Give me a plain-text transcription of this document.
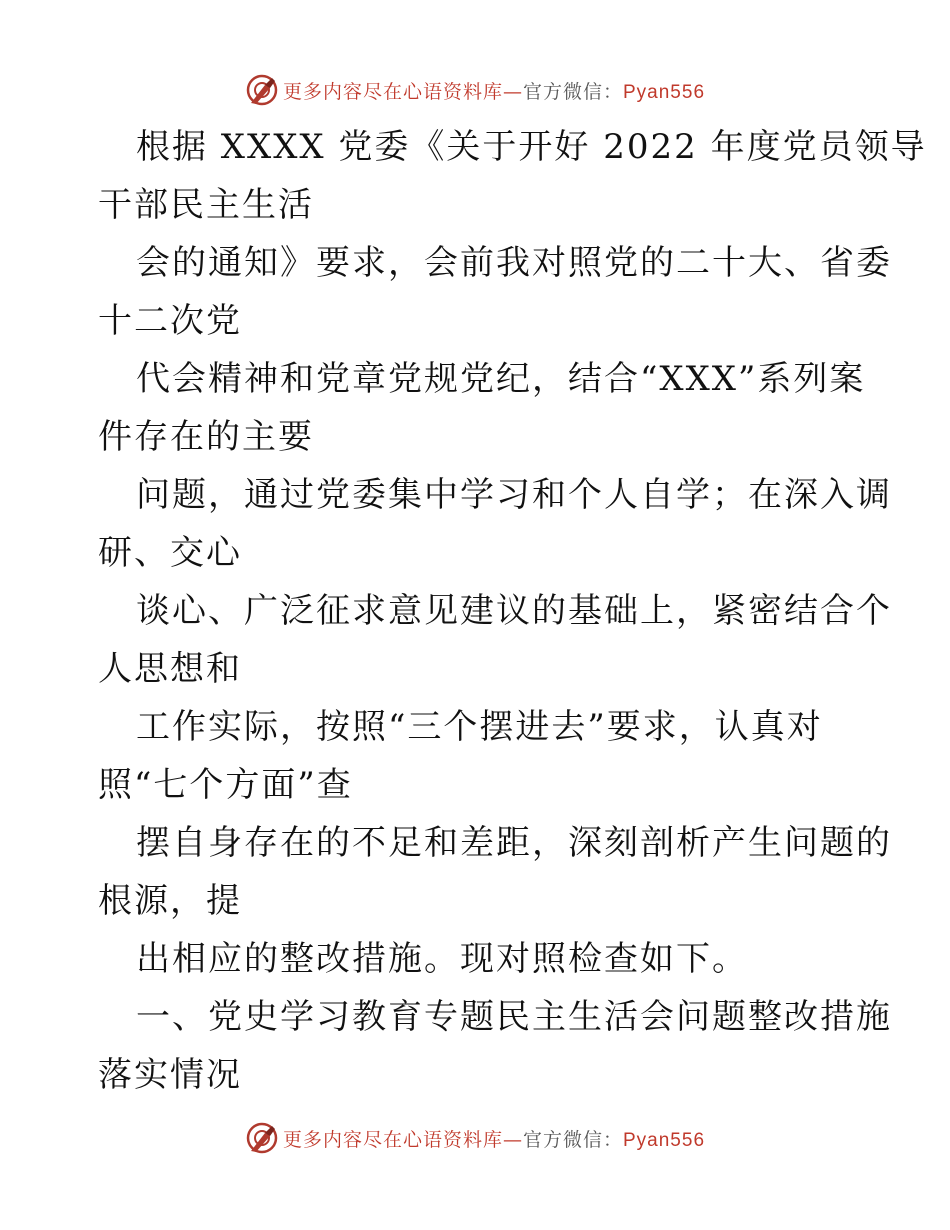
更多内容尽在心语资料库—官方微信：Pyan556
根据 XXXX 党委《关于开好 2022 年度党员领导
干部民主生活
会的通知》要求，会前我对照党的二十大、省委
十二次党
代会精神和党章党规党纪，结合“XXX”系列案
件存在的主要
问题，通过党委集中学习和个人自学；在深入调
研、交心
谈心、广泛征求意见建议的基础上，紧密结合个
人思想和
工作实际，按照“三个摆进去”要求，认真对
照“七个方面”查
摆自身存在的不足和差距，深刻剖析产生问题的
根源，提
出相应的整改措施。现对照检查如下。
一、党史学习教育专题民主生活会问题整改措施
落实情况
更多内容尽在心语资料库—官方微信：Pyan556
